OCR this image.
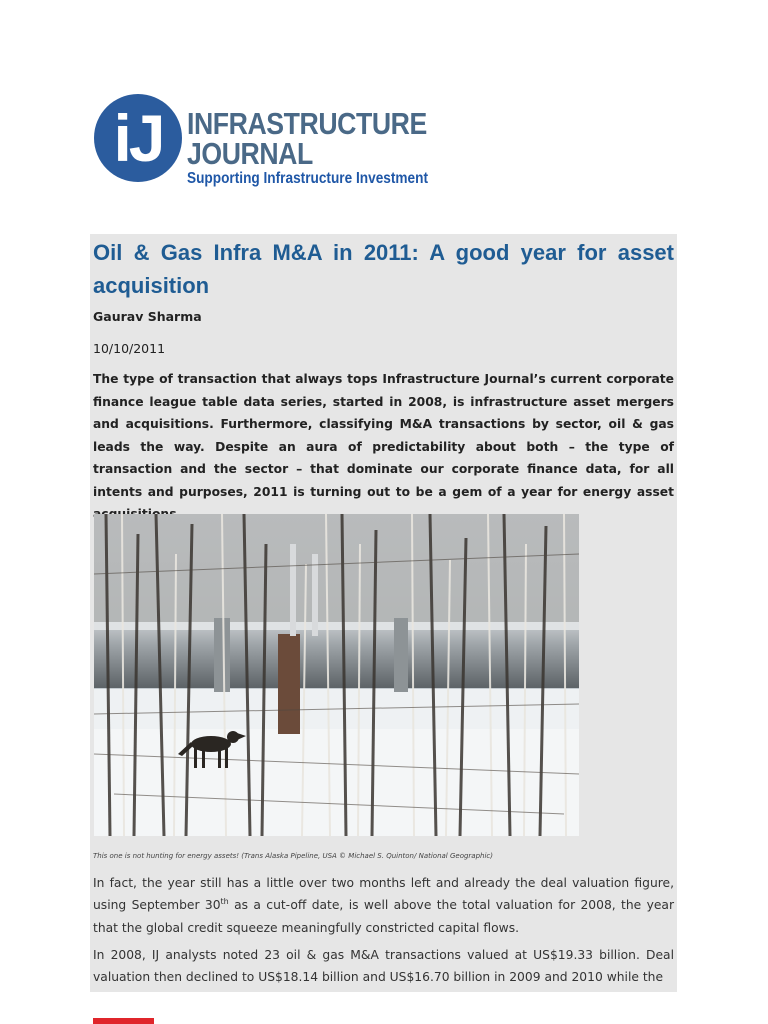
iJ INFRASTRUCTURE
JOURNAL
Supporting Infrastructure Investment
Oil & Gas Infra M&A in 2011: A good year for asset acquisition
Gaurav Sharma
10/10/2011

The type of transaction that always tops Infrastructure Journal’s current corporate finance league table data series, started in 2008, is infrastructure asset mergers and acquisitions. Furthermore, classifying M&A transactions by sector, oil & gas leads the way. Despite an aura of predictability about both – the type of transaction and the sector – that dominate our corporate finance data, for all intents and purposes, 2011 is turning out to be a gem of a year for energy asset

This one is not hunting for energy assets! (Trans Alaska Pipeline, USA © Michael S. Quinton/ National Geographic)

In fact, the year still has a little over two months left and already the deal valuation figure, using September 30th as a cut-off date, is well above the total valuation for 2008, the year that the global credit squeeze meaningfully constricted capital flows.

In 2008, IJ analysts noted 23 oil & gas M&A transactions valued at US$19.33 billion. Deal valuation then declined to US$18.14 billion and US$16.70 billion in 2009 and 2010 while the
